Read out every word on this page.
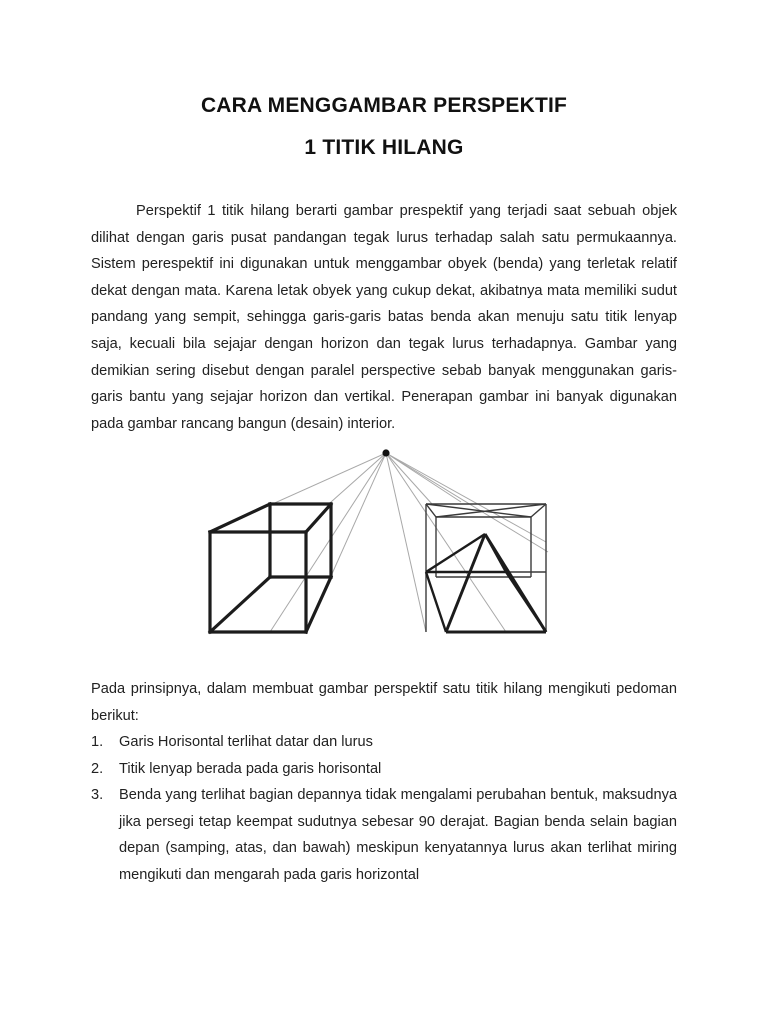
CARA MENGGAMBAR PERSPEKTIF
1 TITIK HILANG
Perspektif 1 titik hilang berarti gambar prespektif yang terjadi saat sebuah objek dilihat dengan garis pusat pandangan tegak lurus terhadap salah satu permukaannya. Sistem perespektif ini digunakan untuk menggambar obyek (benda) yang terletak relatif dekat dengan mata. Karena letak obyek yang cukup dekat, akibatnya mata memiliki sudut pandang yang sempit, sehingga garis-garis batas benda akan menuju satu titik lenyap saja, kecuali bila sejajar dengan horizon dan tegak lurus terhadapnya. Gambar yang demikian sering disebut dengan paralel perspective sebab banyak menggunakan garis-garis bantu yang sejajar horizon dan vertikal. Penerapan gambar ini banyak digunakan pada gambar rancang bangun (desain) interior.
Pada prinsipnya, dalam membuat gambar perspektif satu titik hilang mengikuti pedoman berikut:
1. Garis Horisontal terlihat datar dan lurus
2. Titik lenyap berada pada garis horisontal
3. Benda yang terlihat bagian depannya tidak mengalami perubahan bentuk, maksudnya jika persegi tetap keempat sudutnya sebesar 90 derajat. Bagian benda selain bagian depan (samping, atas, dan bawah) meskipun kenyatannya lurus akan terlihat miring mengikuti dan mengarah pada garis horizontal
